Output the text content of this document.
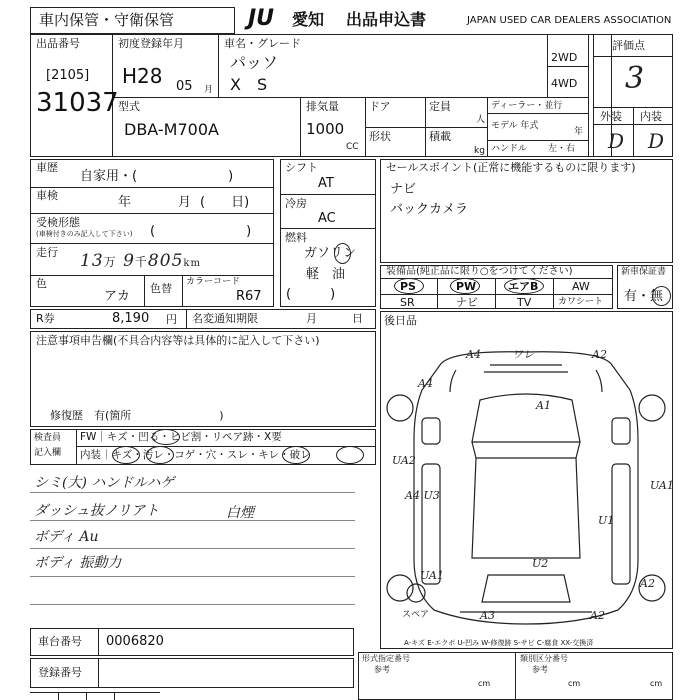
車内保管・守衛保管	JU 愛知 出品申込書	JAPAN USED CAR DEALERS ASSOCIATION
出品番号
[2105]
31037
初度登録年月
H28 05 月
車名・グレード
パッソ
X　S
2WD
4WD
型式
DBA-M700A
排気量
1000
CC
ドア
形状
定員
人
積載
kg
ディーラー・並行
モデル 年式
年
ハンドル 左・右
評価点
3
外装 内装
D D
車歴
自家用・(　　　　　　　)
車検	年	月 (　　日)
受検形態
(車検付きのみ記入して下さい) (　　　　　　　)
走行 13万 9千805km
色
アカ
色替 カラーコード
R67
シフト
AT
冷房
AC
燃料
ガソリン
軽　油
(　　　)
セールスポイント(正常に機能するものに限ります)
ナビ
バックカメラ
装備品(純正品に限り○をつけてください)
PS	PW	エアB	AW
SR	ナビ	TV	カワシート
新車保証書
有・無
R券	8,190 円 名変通知期限	月	日
注意事項申告欄(不具合内容等は具体的に記入して下さい)
修復歴　有(箇所　　　　　　　　)
検査員
記入欄
FW｜キズ・凹る・ヒビ割・リペア跡・X要
内装｜キズ・汚レ・コゲ・穴・スレ・キレ・破レ
シミ(大) ハンドルハゲ
ダッシュ抜ノリアト
ボディ Au
ボディ 振動力
白煙
後日品
A4	ワレ	A2
A4
A1
UA2
UA1
A4 U3
U1
UA1
U2
A2
A3	A2
スペア
A-キズ E-エクボ U-凹み W-修復跡 S-サビ C-腐食 XX-交換済
車台番号 0006820
登録番号
形式指定番号
参考
類別区分番号
参考
cm	cm	cm
